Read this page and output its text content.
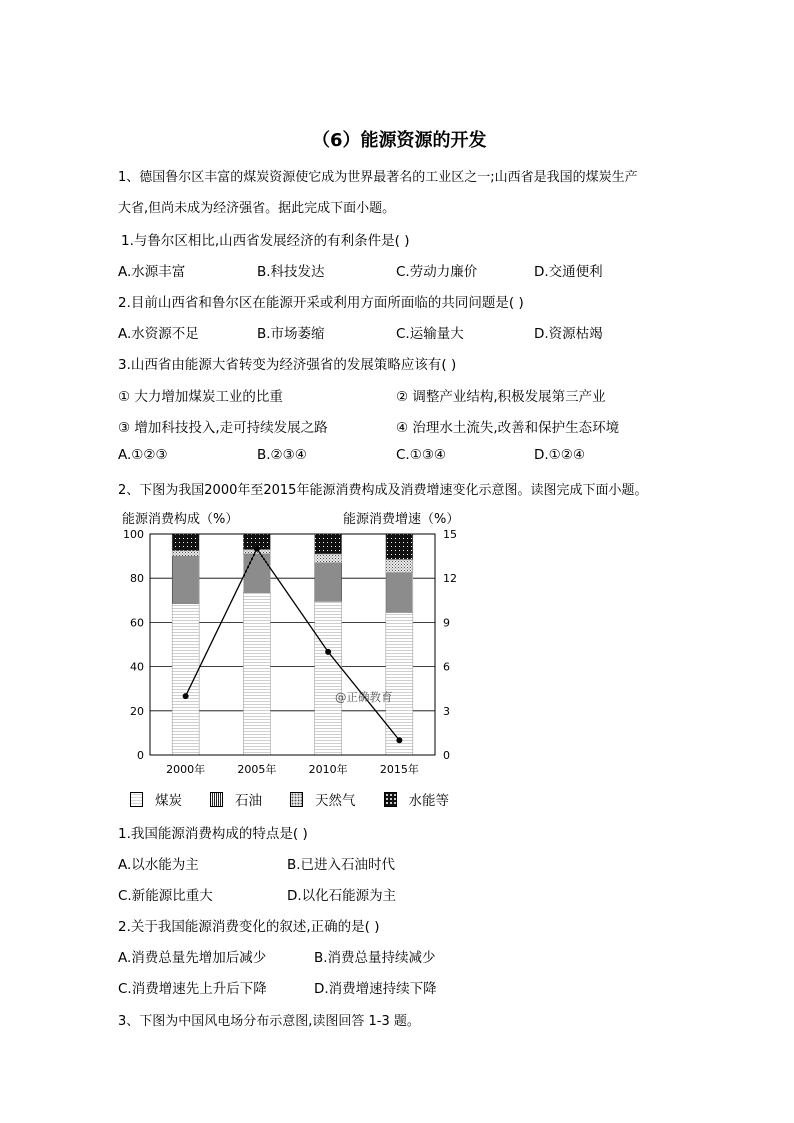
（6）能源资源的开发
1、德国鲁尔区丰富的煤炭资源使它成为世界最著名的工业区之一;山西省是我国的煤炭生产
大省,但尚未成为经济强省。据此完成下面小题。
1.与鲁尔区相比,山西省发展经济的有利条件是( )
A.水源丰富	B.科技发达	C.劳动力廉价	D.交通便利
2.目前山西省和鲁尔区在能源开采或利用方面所面临的共同问题是( )
A.水资源不足	B.市场萎缩	C.运输量大	D.资源枯竭
3.山西省由能源大省转变为经济强省的发展策略应该有( )
① 大力增加煤炭工业的比重	② 调整产业结构,积极发展第三产业
③ 增加科技投入,走可持续发展之路	④ 治理水土流失,改善和保护生态环境
A.①②③	B.②③④	C.①③④	D.①②④
2、下图为我国2000年至2015年能源消费构成及消费增速变化示意图。读图完成下面小题。
能源消费构成（%）	能源消费增速（%）
0
20
40
60
80
100
0
3
6
9
12
15
2000年	2005年	2010年	2015年
@正确教育
煤炭	石油	天然气	水能等
1.我国能源消费构成的特点是( )
A.以水能为主	B.已进入石油时代
C.新能源比重大	D.以化石能源为主
2.关于我国能源消费变化的叙述,正确的是( )
A.消费总量先增加后减少	B.消费总量持续减少
C.消费增速先上升后下降	D.消费增速持续下降
3、下图为中国风电场分布示意图,读图回答 1-3 题。
